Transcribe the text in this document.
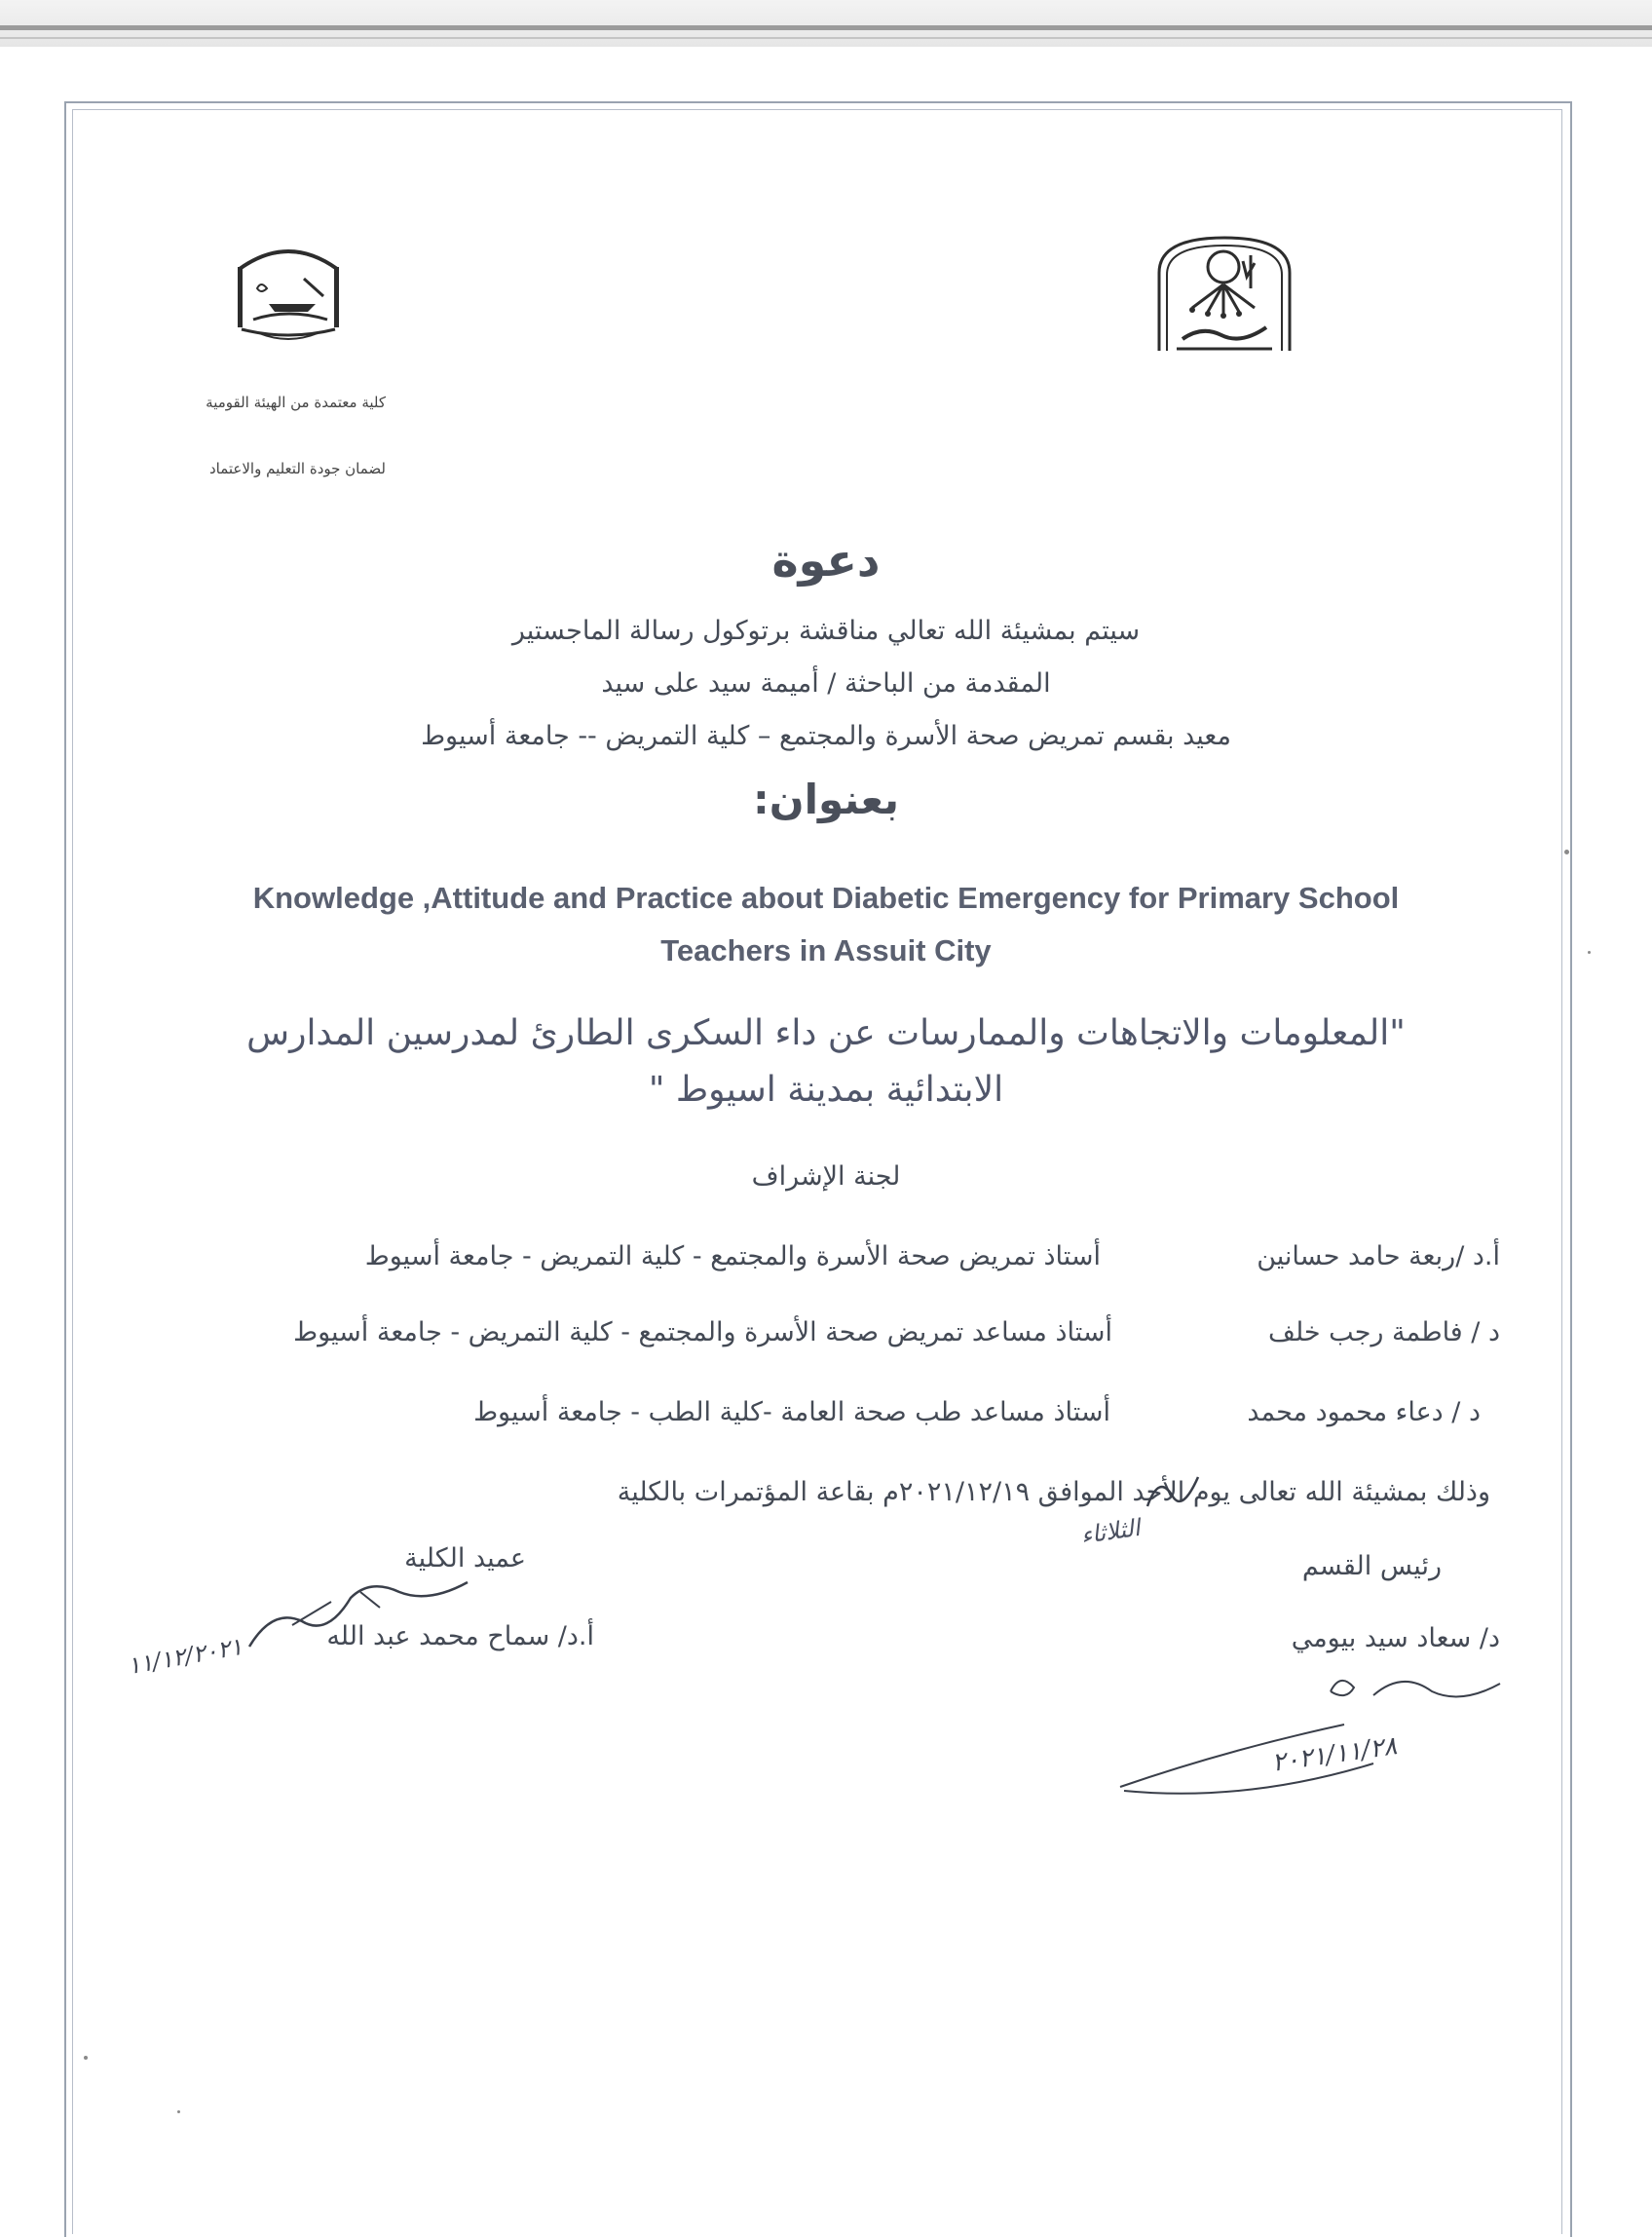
كلية معتمدة من الهيئة القومية
لضمان جودة التعليم والاعتماد
دعوة
سيتم بمشيئة الله تعالي مناقشة برتوكول رسالة الماجستير
المقدمة من الباحثة / أميمة سيد على سيد
معيد بقسم تمريض صحة الأسرة والمجتمع – كلية التمريض -- جامعة أسيوط
بعنوان:
Knowledge ,Attitude and Practice about Diabetic Emergency for Primary School
Teachers in Assuit City
"المعلومات والاتجاهات والممارسات عن داء السكرى الطارئ لمدرسين المدارس
الابتدائية بمدينة اسيوط "
لجنة الإشراف
أ.د /ربعة حامد حسانين
أستاذ تمريض صحة الأسرة والمجتمع - كلية التمريض - جامعة أسيوط
د / فاطمة رجب خلف
أستاذ مساعد تمريض صحة الأسرة والمجتمع - كلية التمريض - جامعة أسيوط
د / دعاء محمود محمد
أستاذ مساعد طب صحة العامة -كلية الطب - جامعة أسيوط
وذلك بمشيئة الله تعالى يوم الأحد الموافق ٢٠٢١/١٢/١٩م بقاعة المؤتمرات بالكلية
الثلاثاء
رئيس القسم
د/ سعاد سيد بيومي
٢٠٢١/١١/٢٨
عميد الكلية
أ.د/ سماح محمد عبد الله
١١/١٢/٢٠٢١
